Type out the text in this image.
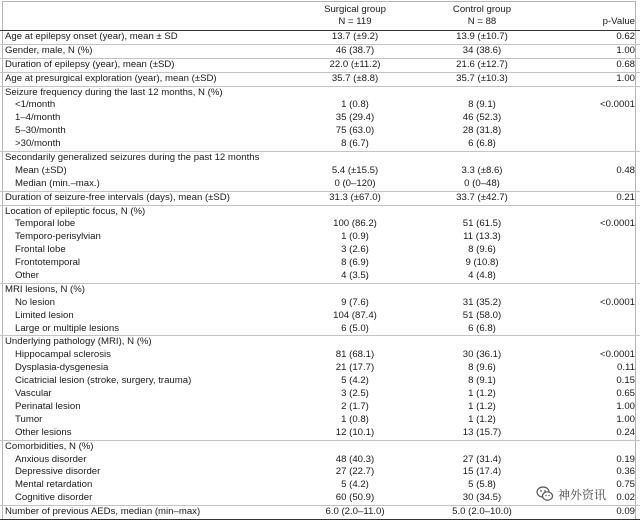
Surgical group
N = 119
Control group
N = 88	p-Value
Age at epilepsy onset (year), mean ± SD	13.7 (±9.2)	13.9 (±10.7)	0.62
Gender, male, N (%)	46 (38.7)	34 (38.6)	1.00
Duration of epilepsy (year), mean (±SD)	22.0 (±11.2)	21.6 (±12.7)	0.68
Age at presurgical exploration (year), mean (±SD)	35.7 (±8.8)	35.7 (±10.3)	1.00
Seizure frequency during the last 12 months, N (%)
<1/month	1 (0.8)	8 (9.1)	<0.0001
1–4/month	35 (29.4)	46 (52.3)
5–30/month	75 (63.0)	28 (31.8)
>30/month	8 (6.7)	6 (6.8)
Secondarily generalized seizures during the past 12 months
Mean (±SD)	5.4 (±15.5)	3.3 (±8.6)	0.48
Median (min.–max.)	0 (0–120)	0 (0–48)
Duration of seizure-free intervals (days), mean (±SD)	31.3 (±67.0)	33.7 (±42.7)	0.21
Location of epileptic focus, N (%)
Temporal lobe	100 (86.2)	51 (61.5)	<0.0001
Temporo-perisylvian	1 (0.9)	11 (13.3)
Frontal lobe	3 (2.6)	8 (9.6)
Frontotemporal	8 (6.9)	9 (10.8)
Other	4 (3.5)	4 (4.8)
MRI lesions, N (%)
No lesion	9 (7.6)	31 (35.2)	<0.0001
Limited lesion	104 (87.4)	51 (58.0)
Large or multiple lesions	6 (5.0)	6 (6.8)
Underlying pathology (MRI), N (%)
Hippocampal sclerosis	81 (68.1)	30 (36.1)	<0.0001
Dysplasia-dysgenesia	21 (17.7)	8 (9.6)	0.11
Cicatricial lesion (stroke, surgery, trauma)	5 (4.2)	8 (9.1)	0.15
Vascular	3 (2.5)	1 (1.2)	0.65
Perinatal lesion	2 (1.7)	1 (1.2)	1.00
Tumor	1 (0.8)	1 (1.2)	1.00
Other lesions	12 (10.1)	13 (15.7)	0.24
Comorbidities, N (%)
Anxious disorder	48 (40.3)	27 (31.4)	0.19
Depressive disorder	27 (22.7)	15 (17.4)	0.36
Mental retardation	5 (4.2)	5 (5.8)	0.75
Cognitive disorder	60 (50.9)	30 (34.5)	0.02
Number of previous AEDs, median (min–max)	6.0 (2.0–11.0)	5.0 (2.0–10.0)	0.09
神外资讯
